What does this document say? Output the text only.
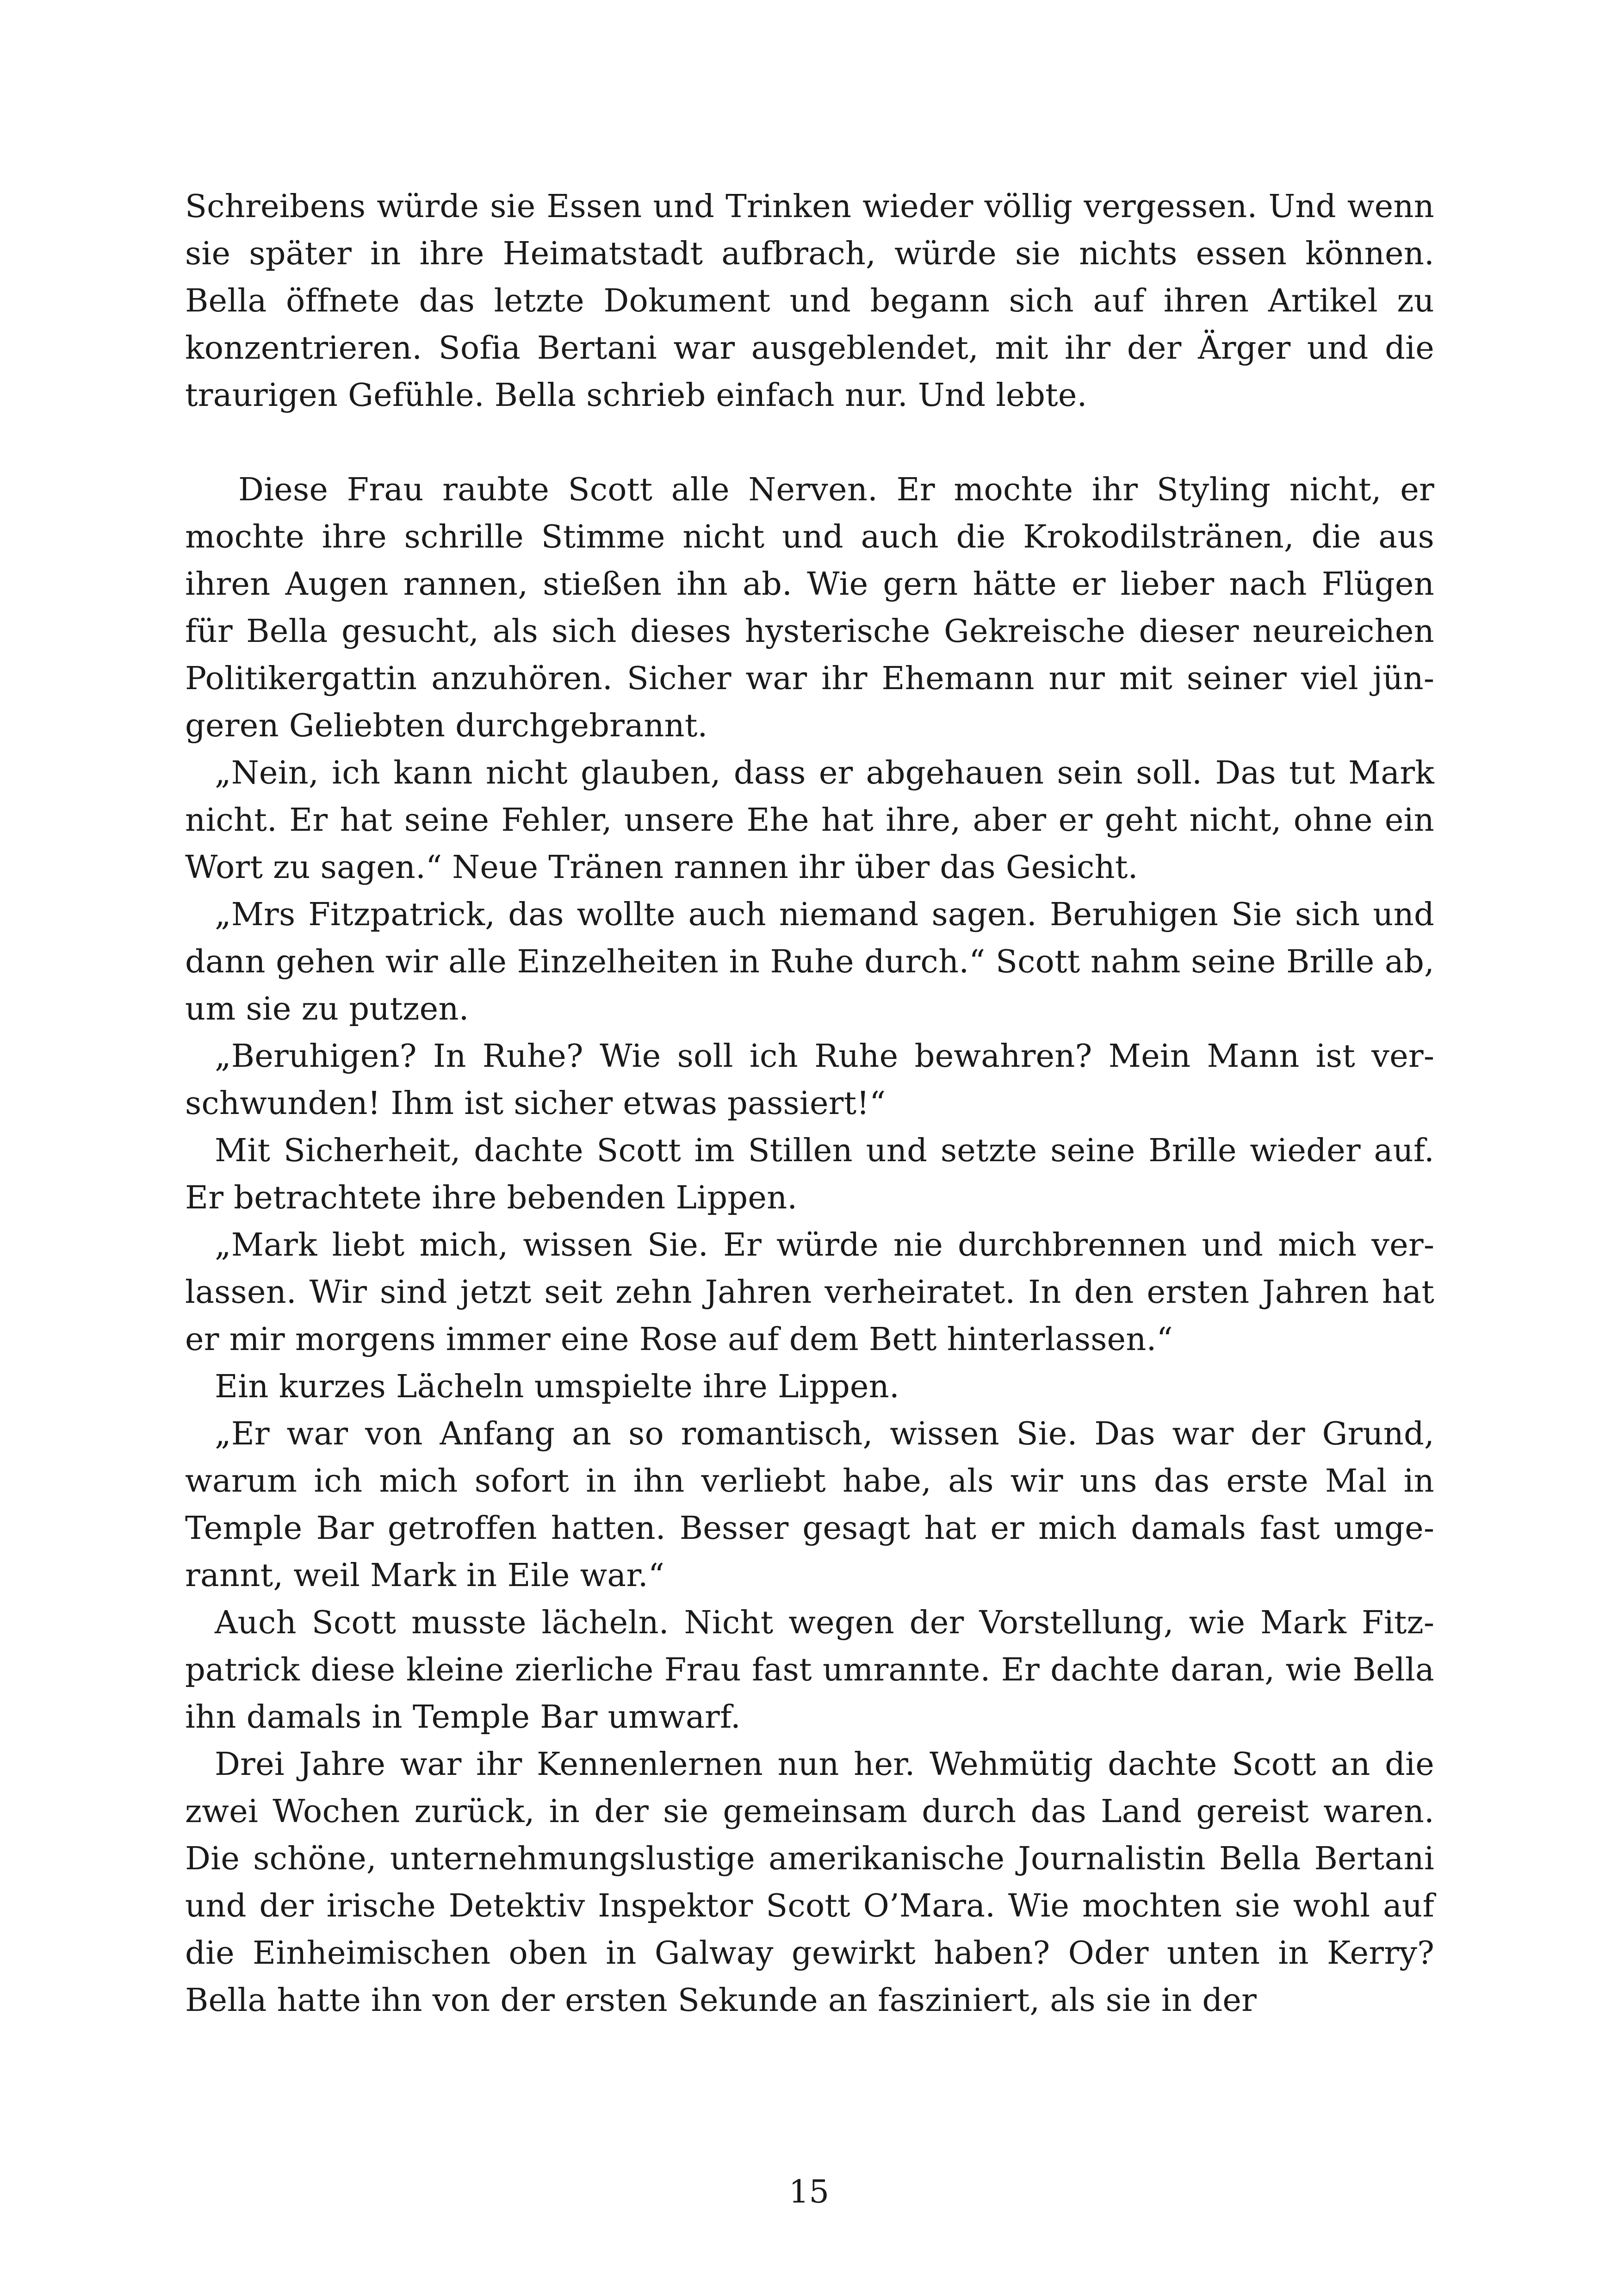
Schreibens würde sie Essen und Trinken wieder völlig vergessen. Und wenn sie später in ihre Heimatstadt aufbrach, würde sie nichts essen können. Bella öffnete das letzte Dokument und begann sich auf ihren Artikel zu konzentrieren. Sofia Bertani war ausgeblendet, mit ihr der Ärger und die traurigen Gefühle. Bella schrieb einfach nur. Und lebte.

Diese Frau raubte Scott alle Nerven. Er mochte ihr Styling nicht, er mochte ihre schrille Stimme nicht und auch die Krokodilstränen, die aus ihren Augen rannen, stießen ihn ab. Wie gern hätte er lieber nach Flügen für Bella gesucht, als sich dieses hysterische Gekreische dieser neureichen Politikergattin anzuhören. Sicher war ihr Ehemann nur mit seiner viel jüngeren Geliebten durchgebrannt.

„Nein, ich kann nicht glauben, dass er abgehauen sein soll. Das tut Mark nicht. Er hat seine Fehler, unsere Ehe hat ihre, aber er geht nicht, ohne ein Wort zu sagen.“ Neue Tränen rannen ihr über das Gesicht.

„Mrs Fitzpatrick, das wollte auch niemand sagen. Beruhigen Sie sich und dann gehen wir alle Einzelheiten in Ruhe durch.“ Scott nahm seine Brille ab, um sie zu putzen.

„Beruhigen? In Ruhe? Wie soll ich Ruhe bewahren? Mein Mann ist verschwunden! Ihm ist sicher etwas passiert!“

Mit Sicherheit, dachte Scott im Stillen und setzte seine Brille wieder auf. Er betrachtete ihre bebenden Lippen.

„Mark liebt mich, wissen Sie. Er würde nie durchbrennen und mich verlassen. Wir sind jetzt seit zehn Jahren verheiratet. In den ersten Jahren hat er mir morgens immer eine Rose auf dem Bett hinterlassen.“

Ein kurzes Lächeln umspielte ihre Lippen.

„Er war von Anfang an so romantisch, wissen Sie. Das war der Grund, warum ich mich sofort in ihn verliebt habe, als wir uns das erste Mal in Temple Bar getroffen hatten. Besser gesagt hat er mich damals fast umgerannt, weil Mark in Eile war.“

Auch Scott musste lächeln. Nicht wegen der Vorstellung, wie Mark Fitzpatrick diese kleine zierliche Frau fast umrannte. Er dachte daran, wie Bella ihn damals in Temple Bar umwarf.

Drei Jahre war ihr Kennenlernen nun her. Wehmütig dachte Scott an die zwei Wochen zurück, in der sie gemeinsam durch das Land gereist waren. Die schöne, unternehmungslustige amerikanische Journalistin Bella Bertani und der irische Detektiv Inspektor Scott O’Mara. Wie mochten sie wohl auf die Einheimischen oben in Galway gewirkt haben? Oder unten in Kerry? Bella hatte ihn von der ersten Sekunde an fasziniert, als sie in der

15
